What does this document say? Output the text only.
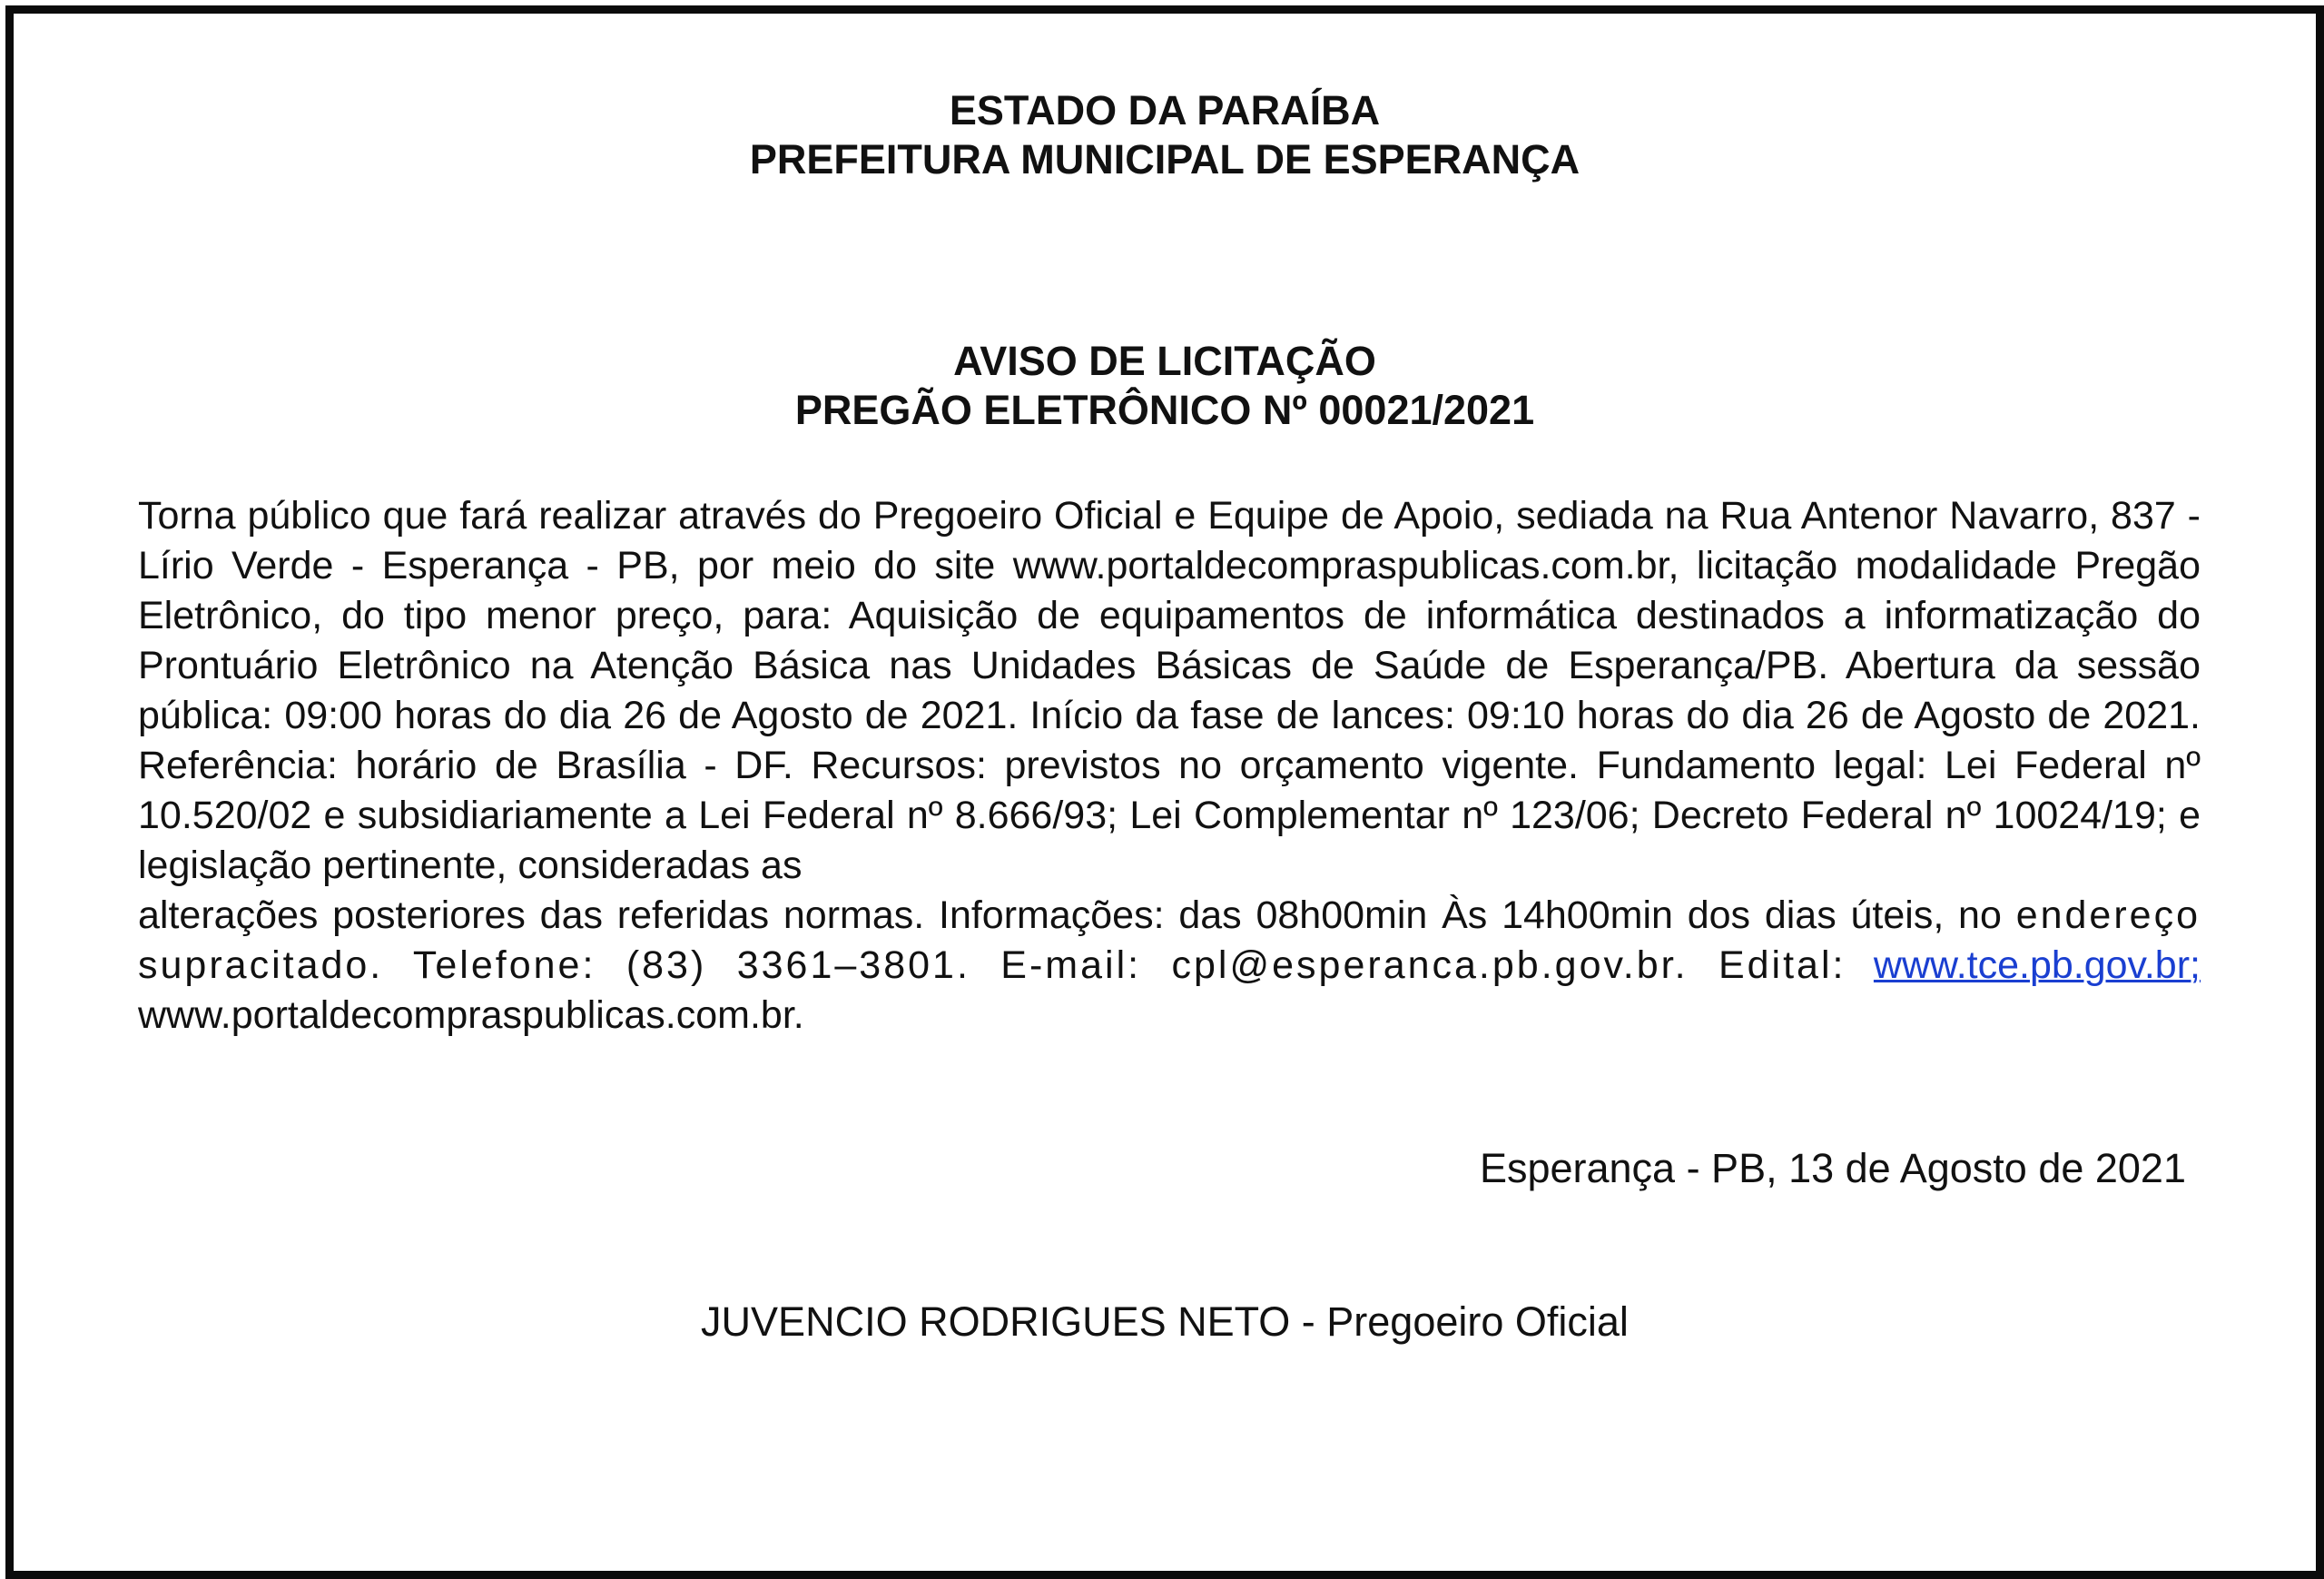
ESTADO DA PARAÍBA
PREFEITURA MUNICIPAL DE ESPERANÇA
AVISO DE LICITAÇÃO
PREGÃO ELETRÔNICO Nº 00021/2021

Torna público que fará realizar através do Pregoeiro Oficial e Equipe de Apoio, sediada na Rua Antenor Navarro, 837 - Lírio Verde - Esperança - PB, por meio do site www.portaldecompraspublicas.com.br, licitação modalidade Pregão Eletrônico, do tipo menor preço, para: Aquisição de equipamentos de informática destinados a informatização do Prontuário Eletrônico na Atenção Básica nas Unidades Básicas de Saúde de Esperança/PB. Abertura da sessão pública: 09:00 horas do dia 26 de Agosto de 2021. Início da fase de lances: 09:10 horas do dia 26 de Agosto de 2021. Referência: horário de Brasília - DF. Recursos: previstos no orçamento vigente. Fundamento legal: Lei Federal nº 10.520/02 e subsidiariamente a Lei Federal nº 8.666/93; Lei Complementar nº 123/06; Decreto Federal nº 10024/19; e legislação pertinente, consideradas as

alterações posteriores das referidas normas. Informações: das 08h00min Às 14h00min dos dias úteis, no endereço supracitado. Telefone: (83) 3361–3801. E-mail: cpl@esperanca.pb.gov.br. Edital: www.tce.pb.gov.br; www.portaldecompraspublicas.com.br.

Esperança - PB, 13 de Agosto de 2021
JUVENCIO RODRIGUES NETO - Pregoeiro Oficial
